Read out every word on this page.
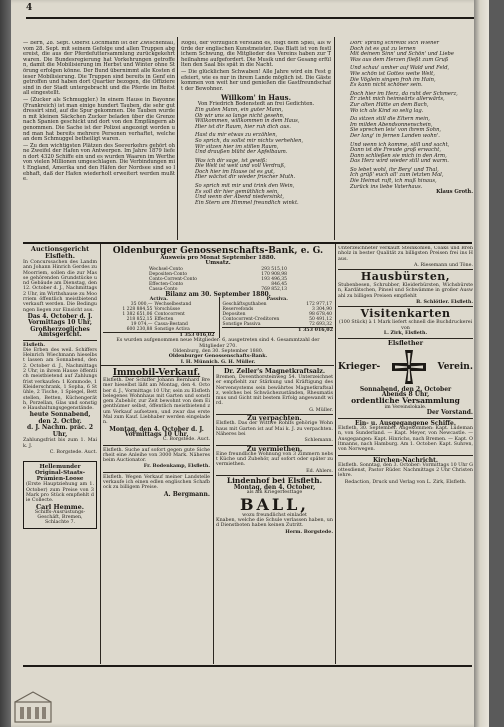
4

— Bern, 28. Sept. Oberst Lochmann ist der Zwischenfall, vom 28. Sept. mit seinem Gefolge und allen Truppen abgereist, die aus der Pferdefuttersammlung zurückgekehrt waren. Die Bundesregierung hat Vorkehrungen getroffen, damit die Mobilisierung im Herbst und Winter ohne Störung erfolgen könne. Der Bund übernimmt alle Kosten dieser Mobilisierung. Die Truppen sind bereits in Genf eingetroffen und haben dort Quartier bezogen, die Offiziere sind in der Stadt untergebracht und die Pferde im Reitstall eingestellt.

— (Zucker als Schmuggler.) In einem Hause in Bayonne (Frankreich) ist man einige hundert Tauben, die sehr gut dressirt sind, auf die Spur gekommen. Die Tauben wurden mit kleinen Säckchen Zucker beladen über die Grenze nach Spanien geschickt und dort von den Empfängern abgenommen. Die Sache ist der Polizei angezeigt worden und man hat bereits mehrere Personen verhaftet, welche an dem Schmuggel betheiligt waren.

— Zu den wichtigsten Plätzen des Seeverkehrs gehört ohne Zweifel der Hafen von Antwerpen. Im Jahre 1879 liefen dort 4320 Schiffe ein und es wurden Waaren im Werthe von vielen Millionen umgeschlagen. Die Verbindungen mit England, Amerika und den Häfen der Nordsee sind so lebhaft, daß der Hafen wiederholt erweitert werden mußte.

Rogel, der vorzüglich verstand es, folgt dem Spiel, als würde der englischen Kunstmeister. Das Blatt ist von festlichem Schwung, die Mitglieder des Vereins haben zur Theilnahme aufgefordert. Die Musik und der Gesang erfüllten den Saal bis spät in die Nacht.

— Die glücklichen Schwaben! Alle Jahre wird ein Fest gefeiert, wie es nur in ihrem Lande möglich ist. Die Gäste kommen von weit her und genießen die Gastfreundschaft der Bewohner.

Willkom' in Haus.
Von Friedrich Bodenstedt an frei Gedichten.
Ein guten Mann, ein guter Mann,
Ob wir uns so lange nicht gesehn,
Willkommen, willkommen in dem Haus,
Hier ist dir Raum, hier ruh dich aus.
Hast du mir etwas zu erzählen,
So sprich, du sollst mir nichts verhehlen,
Wir sitzen hier im stillen Raum,
Und draußen blüht der Apfelbaum.
Was ich dir sage, ist gewiß:
Die Welt ist weit und voll Verdruß,
Doch hier im Hause ist es gut,
Hier wächst dir wieder frischer Muth.
So sprich mit mir und trink den Wein,
Es soll dir hier gemüthlich sein,
Und wenn der Abend niedersinkt,
Ein Stern am Himmel freundlich winkt.
Dort' sprang schreibt sich Wiener
Doch ist es gut zu lernen
Mit deinem Sinn' und Schön' und Liebe
Was aus dem Herzen fließt zum Gruß
Und schau' umher auf Wald und Feld,
Wie schön ist Gottes weite Welt,
Die Vöglein singen froh im Hain,
Es kann nicht schöner sein.
Doch hier im Herz, da ruht der Schmerz,
Er zieht mich heimwärts allerwärts,
Zur alten Hütte an dem Bach,
Wo ich als Kind so selig lag.
Da sitzen still die Eltern mein,
Im milden Abendsonnenschein,
Sie sprechen leis' von ihrem Sohn,
Der lang' in fernen Landen wohn'.
Und wenn ich komme, still und sacht,
Dann ist die Freude groß erwacht,
Dann schließen sie mich in den Arm,
Das Herz wird wieder still und warm.
So lebet wohl, ihr Berg' und Thal,
Ich grüß' euch all' zum letzten Mal,
Die Heimat ruft, ich muß hinaus,
Zurück ins liebe Vaterhaus.
Klaus Groth.
Auctionsgericht Elsfleth.

In Concurssachen des Landmann Johann Hinrich Gerdes zu Moorriem, sollen die zur Masse gehörenden Grundstücke und Gebäude am Dienstag, den 12. October d. J., Nachmittags 2 Uhr, im Wirthshause zu Moorriem öffentlich meistbietend verkauft werden. Die Bedingungen liegen zur Einsicht aus.

Das 4. October d. J.
Vormittags 10 Uhr,
Großherzogliches Amtsgericht.
Elsfleth.

Die Erben des weil. Schiffers Heinrich Wiechmann hieselbst lassen am Sonnabend, den 2. October d. J., Nachmittags 2 Uhr, in ihrem Hause öffentlich meistbietend auf Zahlungsfrist verkaufen: 1 Kommode, 1 Kleiderschrank, 1 Sopha, 6 Stühle, 2 Tische, 1 Spiegel, Bettstellen, Betten, Küchengeräth, Porzellan, Glas und sonstige Haushaltungsgegenstände.

heute Sonnabend, den 2. Octbr.
d. J. Nachm. präc. 2 Uhr,

Zahlungsfrist bis zum 1. Mai k. J.

C. Borgstede. Auct.
Hellemunder Original-Staats-Prämien-Loose

(Erste Hauptziehung am 1. October) zum Preise von 3 Mark pro Stück empfiehlt die Collecte.

Carl Hemme.
Schiffs-Ausrüstungs-Geschäft, Bremen, Schlachte 7.
Oldenburger Genossenschafts-Bank, e. G.
Ausweis pro Monat September 1880.
Umsatz.
Wechsel-Conto	293 515,10
Depositen-Conto	170 908,98
Conto-Corrent-Conto	193 496,35
Effecten-Conto	846,45
Cassa-Conto	769 852,13
Bilanz am 30. September 1880.
Activa.
35 000,—	Wechselbestand
1 228 884,55	Vorschüsse
1 382 651,06	Contocorrent
218 852,15	Effecten
19 074,—	Cassa-Bestand
600 230,88	Sonstige Activa
1 353 016,02
Passiva.
Geschäftsguthaben	172 977,17
Reservefonds	3 304,90
Depositen	98 678,40
Contocorrent-Creditoren	50 491,12
Sonstige Passiva	72 693,32
1 353 016,02
Es wurden aufgenommen neue Mitglieder: 6, ausgetreten sind 4. Gesammtzahl der Mitglieder 270.
Oldenburg, den 30. September 1880.
Oldenburger Genossenschafts-Bank.
J. H. Münnich. G. H. Müller.
Immobil-Verkauf.

Elsfleth. Der Schiffer Johann Bernhard Bremer hieselbst läßt am Montag, den 4. October d. J., Vormittags 10 Uhr, sein zu Elsfleth belegenes Wohnhaus mit Garten und sonstigem Zubehör, zur Zeit bewohnt von dem Eigenthümer selbst, öffentlich meistbietend zum Verkauf aufsetzen, und zwar das erste Mal zum Kauf. Liebhaber werden eingeladen.

Montag, den 4. October d. J.
Vormittags 10 Uhr,
C. Borgstede. Auct.

Elsfleth. Suche auf sofort gegen gute Sicherheit eine Anleihe von 3000 Mark. Näheres beim Auctionator.

Fr. Bodenkamp, Elsfleth.

Elsfleth. Wegen Verkauf meiner Landstelle verkaufe ich einen edlen englischen Schafbock zu billigem Preise.

A. Bergmann.
Dr. Zeller's Magnetkraftsalz.

Bremen, Doventhorsteinweg 54. Unterzeichneter empfiehlt zur Stärkung und Kräftigung des Nervensystems sein bewährtes Magnetkraftsalz, welches bei Schwächezuständen, Rheumatismus und Gicht mit bestem Erfolg angewandt wird.

G. Müller.
Zu verpachten.

Elsfleth. Das der Wittwe Rohlfs gehörige Wohnhaus mit Garten ist auf Mai k. J. zu verpachten. Näheres bei

Schlemann.
Zu vermiethen.

Eine freundliche Wohnung von 3 Zimmern nebst Küche und Zubehör, auf sofort oder später zu vermiethen.

Ed. Ahlers.
Lindenhof bei Elsfleth.
Montag, den 4. October,
als am Kriegerfesttage
BALL,
wozu freundlichst einladet

Knaben, welche die Schule verlassen haben, und Dienstboten haben keinen Zutritt.

Herm. Borgstede.

Unterzeichneter verkauft Steinkohlen, Coaks und Brennholz in bester Qualität zu billigsten Preisen frei ins Haus.

A. Riesemann und Töne.
Hausbürsten,

Stubenbesen, Schrubber, Kleiderbürsten, Wichsbürsten, Kardätschen, Pinsel und Schwämme in großer Auswahl zu billigen Preisen empfiehlt

B. Schlötler. Elsfleth.
Visitenkarten
(100 Stück) à 1 Mark liefert schnell die Buchdruckerei von
L. Zirk, Elsfleth.
Elsflether
Krieger-	Verein.
Sonnabend, den 2. October
Abends 8 Uhr,
ordentliche Versammlung
im Vereinslokale.
Der Vorstand.
Ein- u. Ausgegangene Schiffe.

Elsfleth, 30. September. Angekommen: Kapt. Lüdemann, von Sunderland. — Kapt. Meyer, von Newcastle. — Ausgegangen: Kapt. Hinrichs, nach Bremen. — Kapt. Oltmanns, nach Hamburg. Am 1. October: Kapt. Suhren, von Norwegen.

Kirchen-Nachricht.

Elsfleth. Sonntag, den 3. October: Vormittags 10 Uhr Gottesdienst, Pastor Rüder. Nachmittags 2 Uhr Christenlehre.

Redaction, Druck und Verlag von L. Zirk, Elsfleth.
